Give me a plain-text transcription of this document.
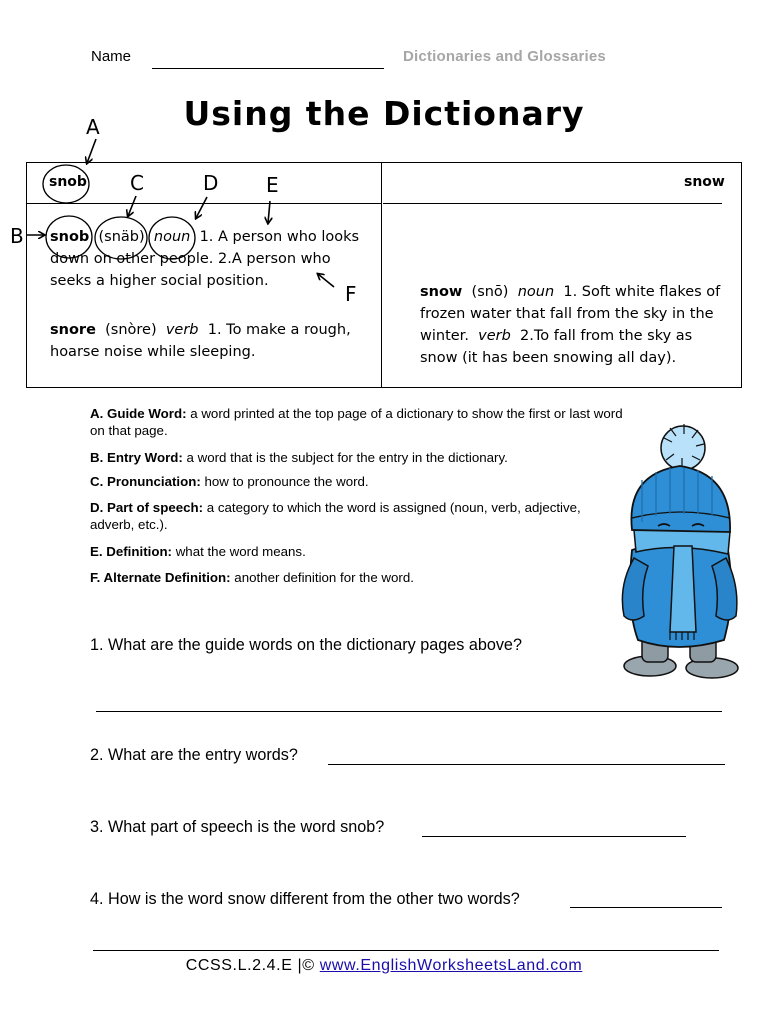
Name	Dictionaries and Glossaries
Using the Dictionary
snob	snow
snob (snäb) noun 1. A person who looks down on other people. 2.A person who seeks a higher social position.
snore (snòre) verb 1. To make a rough, hoarse noise while sleeping.
snow (snō) noun 1. Soft white flakes of frozen water that fall from the sky in the winter. verb 2.To fall from the sky as snow (it has been snowing all day).
A
B
C	D E
F
A. Guide Word: a word printed at the top page of a dictionary to show the first or last word on that page.
B. Entry Word: a word that is the subject for the entry in the dictionary.
C. Pronunciation: how to pronounce the word.
D. Part of speech: a category to which the word is assigned (noun, verb, adjective, adverb, etc.).
E. Definition: what the word means.
F. Alternate Definition: another definition for the word.
1. What are the guide words on the dictionary pages above?
2. What are the entry words?
3. What part of speech is the word snob?
4. How is the word snow different from the other two words?
CCSS.L.2.4.E |© www.EnglishWorksheetsLand.com
